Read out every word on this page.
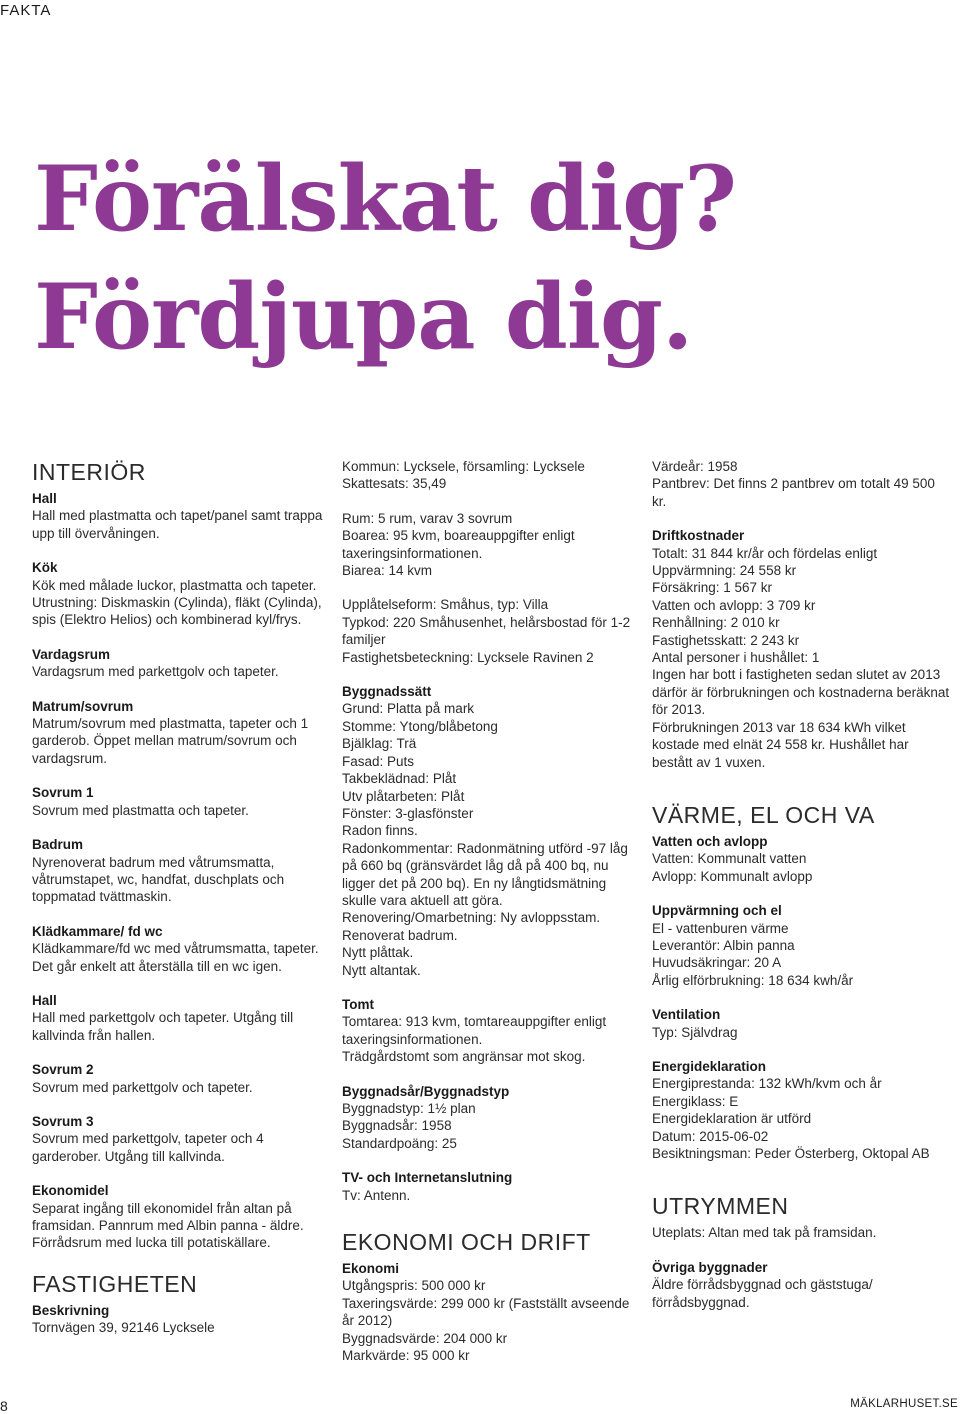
FAKTA
Förälskat dig?
Fördjupa dig.
INTERIÖR
Hall

Hall med plastmatta och tapet/panel samt trappa upp till övervåningen.

Kök

Kök med målade luckor, plastmatta och tapeter. Utrustning: Diskmaskin (Cylinda), fläkt (Cylinda), spis (Elektro Helios) och kombinerad kyl/frys.

Vardagsrum

Vardagsrum med parkettgolv och tapeter.

Matrum/sovrum

Matrum/sovrum med plastmatta, tapeter och 1 garderob. Öppet mellan matrum/sovrum och vardagsrum.

Sovrum 1

Sovrum med plastmatta och tapeter.

Badrum

Nyrenoverat badrum med våtrumsmatta, våtrumstapet, wc, handfat, duschplats och toppmatad tvättmaskin.

Klädkammare/ fd wc

Klädkammare/fd wc med våtrumsmatta, tapeter. Det går enkelt att återställa till en wc igen.

Hall

Hall med parkettgolv och tapeter. Utgång till kallvinda från hallen.

Sovrum 2

Sovrum med parkettgolv och tapeter.

Sovrum 3

Sovrum med parkettgolv, tapeter och 4 garderober. Utgång till kallvinda.

Ekonomidel

Separat ingång till ekonomidel från altan på framsidan. Pannrum med Albin panna - äldre. Förrådsrum med lucka till potatiskällare.

FASTIGHETEN
Beskrivning

Tornvägen 39, 92146 Lycksele

Kommun: Lycksele, församling: Lycksele

Skattesats: 35,49

Rum: 5 rum, varav 3 sovrum

Boarea: 95 kvm, boareauppgifter enligt taxeringsinformationen.

Biarea: 14 kvm

Upplåtelseform: Småhus, typ: Villa

Typkod: 220 Småhusenhet, helårsbostad för 1-2 familjer

Fastighetsbeteckning: Lycksele Ravinen 2

Byggnadssätt

Grund: Platta på mark

Stomme: Ytong/blåbetong

Bjälklag: Trä

Fasad: Puts

Takbeklädnad: Plåt

Utv plåtarbeten: Plåt

Fönster: 3-glasfönster

Radon finns.

Radonkommentar: Radonmätning utförd -97 låg på 660 bq (gränsvärdet låg då på 400 bq, nu ligger det på 200 bq). En ny långtidsmätning skulle vara aktuell att göra.

Renovering/Omarbetning: Ny avloppsstam.

Renoverat badrum.

Nytt plåttak.

Nytt altantak.

Tomt

Tomtarea: 913 kvm, tomtareauppgifter enligt taxeringsinformationen.

Trädgårdstomt som angränsar mot skog.

Byggnadsår/Byggnadstyp

Byggnadstyp: 1½ plan

Byggnadsår: 1958

Standardpoäng: 25

TV- och Internetanslutning

Tv: Antenn.

EKONOMI OCH DRIFT
Ekonomi

Utgångspris: 500 000 kr

Taxeringsvärde: 299 000 kr (Fastställt avseende år 2012)

Byggnadsvärde: 204 000 kr

Markvärde: 95 000 kr

Värdeår: 1958

Pantbrev: Det finns 2 pantbrev om totalt 49 500 kr.

Driftkostnader

Totalt: 31 844 kr/år och fördelas enligt

Uppvärmning: 24 558 kr

Försäkring: 1 567 kr

Vatten och avlopp: 3 709 kr

Renhållning: 2 010 kr

Fastighetsskatt: 2 243 kr

Antal personer i hushållet: 1

Ingen har bott i fastigheten sedan slutet av 2013 därför är förbrukningen och kostnaderna beräknat för 2013.

Förbrukningen 2013 var 18 634 kWh vilket kostade med elnät 24 558 kr. Hushållet har bestått av 1 vuxen.

VÄRME, EL OCH VA
Vatten och avlopp

Vatten: Kommunalt vatten

Avlopp: Kommunalt avlopp

Uppvärmning och el

El - vattenburen värme

Leverantör: Albin panna

Huvudsäkringar: 20 A

Årlig elförbrukning: 18 634 kwh/år

Ventilation

Typ: Självdrag

Energideklaration

Energiprestanda: 132 kWh/kvm och år

Energiklass: E

Energideklaration är utförd

Datum: 2015-06-02

Besiktningsman: Peder Österberg, Oktopal AB

UTRYMMEN

Uteplats: Altan med tak på framsidan.

Övriga byggnader

Äldre förrådsbyggnad och gäststuga/ förrådsbyggnad.

8	MÄKLARHUSET.SE
